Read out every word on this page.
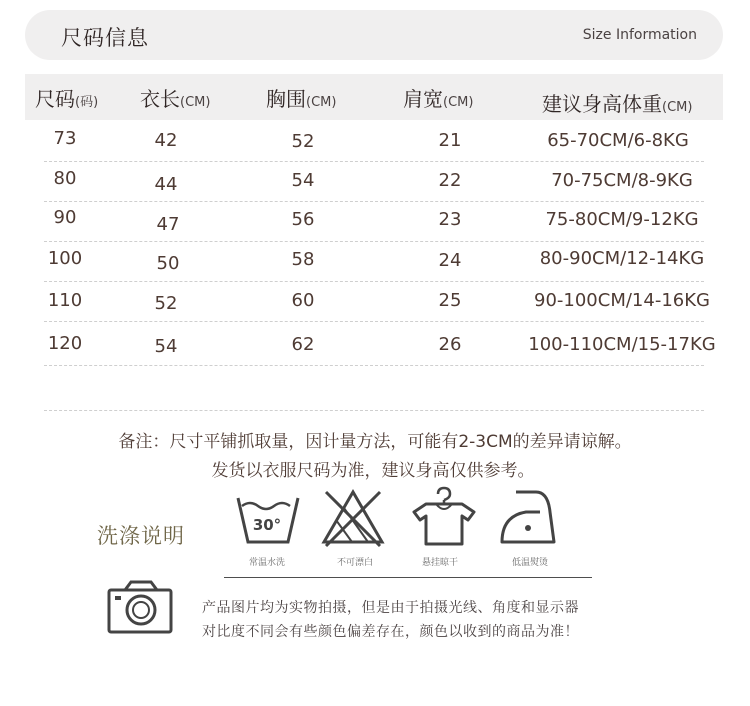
尺码信息	Size Information
尺码(码) 衣长(CM)	胸围(CM)	肩宽(CM)	建议身高体重(CM)
73	42	52	21	65-70CM/6-8KG
80	44	54	22	70-75CM/8-9KG
90	47	56	23	75-80CM/9-12KG
100	50	58	24	80-90CM/12-14KG
110	52	60	25	90-100CM/14-16KG
120	54	62	26	100-110CM/15-17KG
备注：尺寸平铺抓取量，因计量方法，可能有2-3CM的差异请谅解。
发货以衣服尺码为准，建议身高仅供参考。
洗涤说明	30°
常温水洗	不可漂白	悬挂晾干	低温熨烫
产品图片均为实物拍摄，但是由于拍摄光线、角度和显示器
对比度不同会有些颜色偏差存在，颜色以收到的商品为准！
